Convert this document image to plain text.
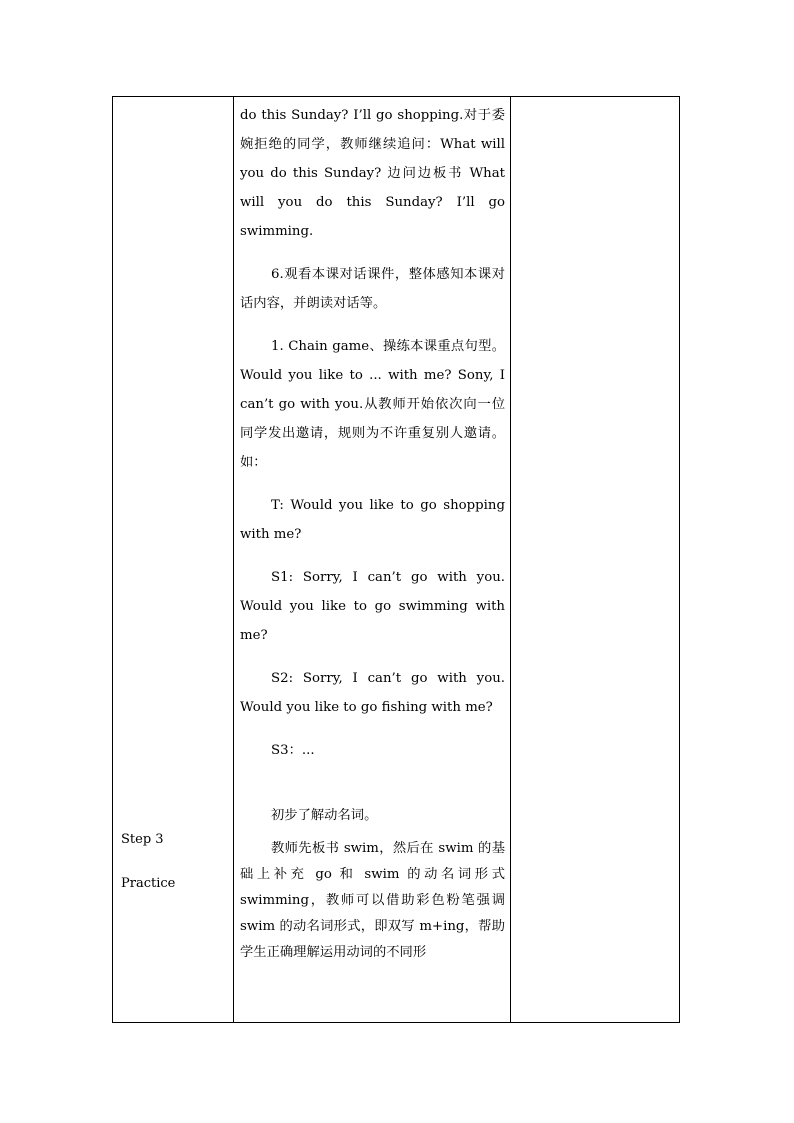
Step 3
Practice
do this Sunday? I’ll go shopping.对于委婉拒绝的同学，教师继续追问：What will you do this Sunday? 边问边板书 What will you do this Sunday? I’ll go swimming.
6.观看本课对话课件，整体感知本课对话内容，并朗读对话等。
1. Chain game、操练本课重点句型。Would you like to ... with me? Sony, I can’t go with you.从教师开始依次向一位同学发出邀请，规则为不许重复别人邀请。如：
T: Would you like to go shopping with me?
S1: Sorry, I can’t go with you. Would you like to go swimming with me?
S2: Sorry, I can’t go with you. Would you like to go fishing with me?
S3：...
初步了解动名词。
教师先板书 swim，然后在 swim 的基础上补充 go 和 swim 的动名词形式 swimming，教师可以借助彩色粉笔强调 swim 的动名词形式，即双写 m+ing，帮助学生正确理解运用动词的不同形
